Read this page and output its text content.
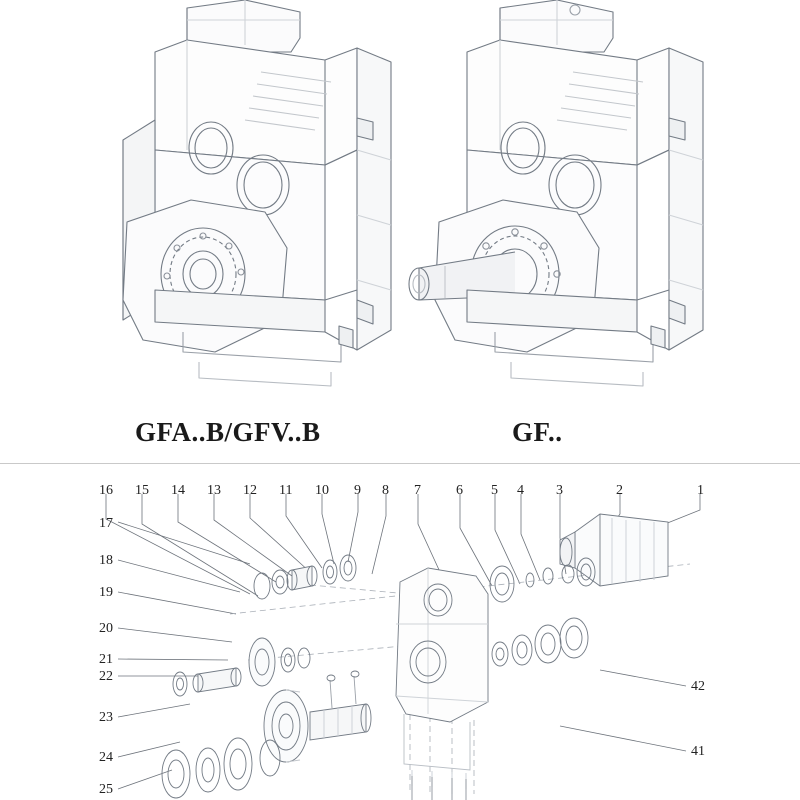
GFA..B/GFV..B	GF..
16 15 14 13 12 11 10 9 8 7	6 5 4 3	2	1
17
18
19
20
21
22
23
24
25
42
41
